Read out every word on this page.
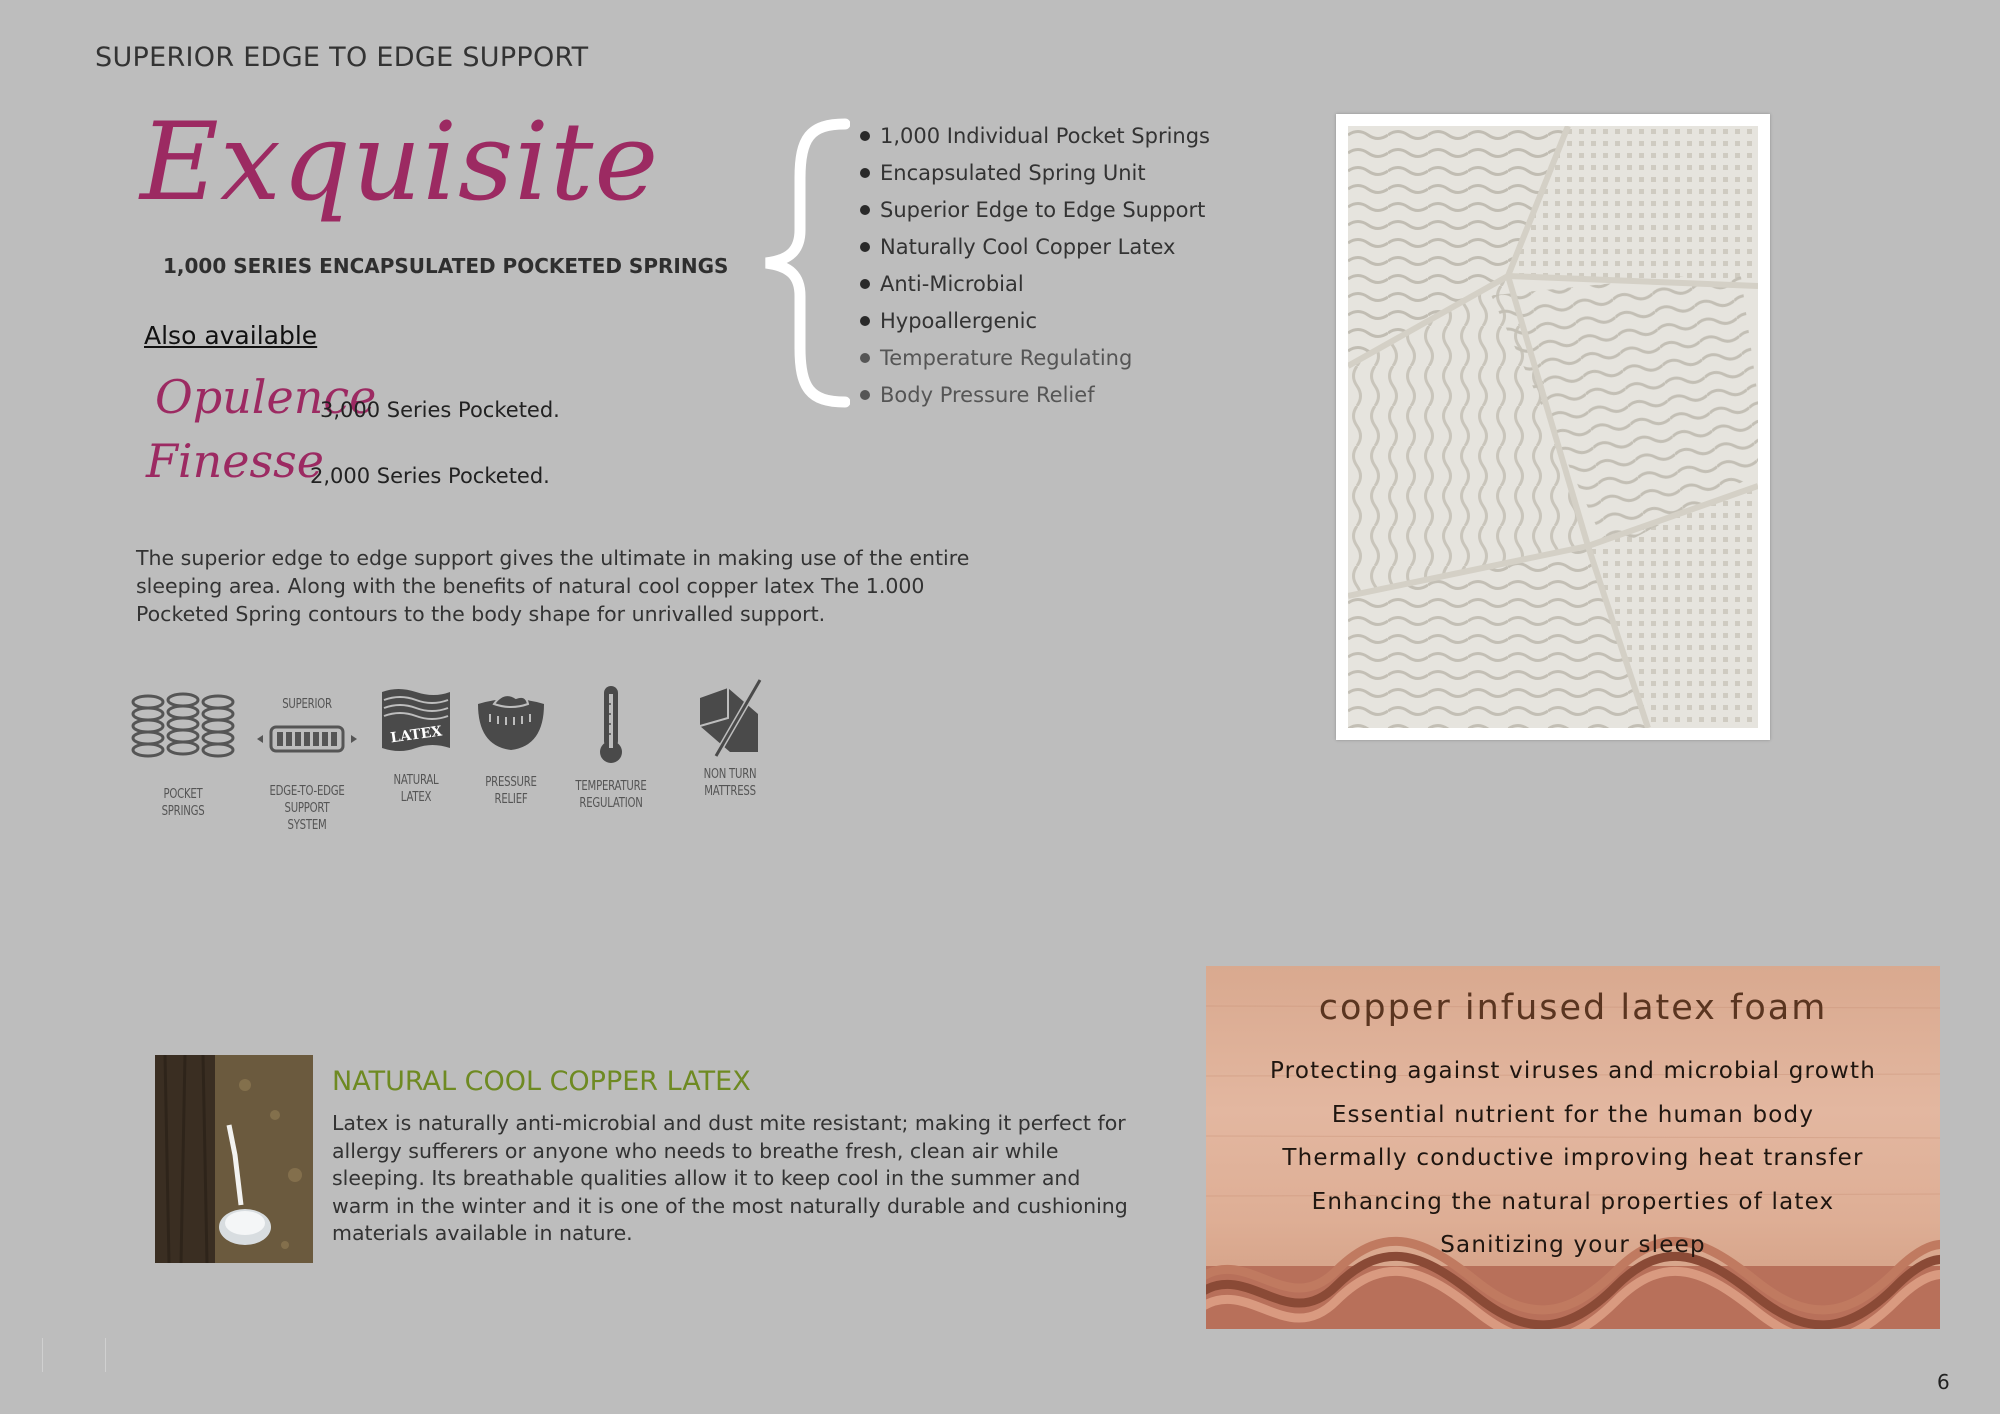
SUPERIOR EDGE TO EDGE SUPPORT
Exquisite
1,000 SERIES ENCAPSULATED POCKETED SPRINGS
Also available
Opulence
3,000 Series Pocketed.
Finesse
2,000 Series Pocketed.
The superior edge to edge support gives the ultimate in making use of the entire sleeping area. Along with the benefits of natural cool copper latex The 1.000 Pocketed Spring contours to the body shape for unrivalled support.
1,000 Individual Pocket Springs
Encapsulated Spring Unit
Superior Edge to Edge Support
Naturally Cool Copper Latex
Anti-Microbial
Hypoallergenic
Temperature Regulating
Body Pressure Relief
POCKET
SPRINGS
SUPERIOR
EDGE-TO-EDGE
SUPPORT SYSTEM
LATEX
NATURAL
LATEX
PRESSURE
RELIEF
TEMPERATURE
REGULATION
NON TURN
MATTRESS
NATURAL COOL COPPER LATEX
Latex is naturally anti-microbial and dust mite resistant; making it perfect for allergy sufferers or anyone who needs to breathe fresh, clean air while sleeping. Its breathable qualities allow it to keep cool in the summer and warm in the winter and it is one of the most naturally durable and cushioning materials available in nature.
copper infused latex foam
Protecting against viruses and microbial growth
Essential nutrient for the human body
Thermally conductive improving heat transfer
Enhancing the natural properties of latex
Sanitizing your sleep
6
